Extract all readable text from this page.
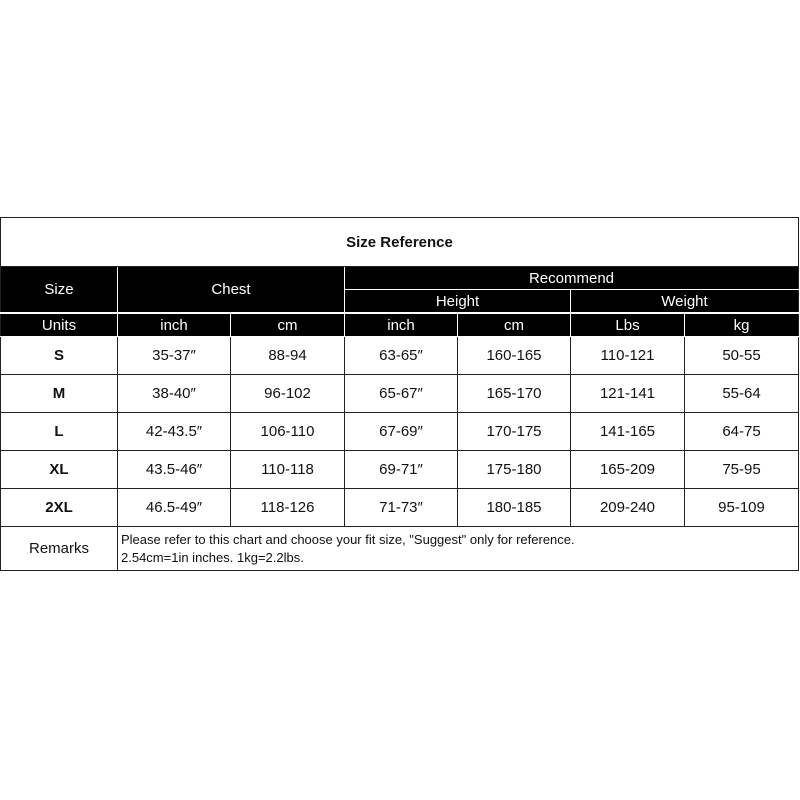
Size Reference						
Size	Chest		Recommend			
			Height		Weight	
Units	inch	cm	inch	cm	Lbs	kg
S	35-37″	88-94	63-65″	160-165	110-121	50-55
M	38-40″	96-102	65-67″	165-170	121-141	55-64
L	42-43.5″	106-110	67-69″	170-175	141-165	64-75
XL	43.5-46″	110-118	69-71″	175-180	165-209	75-95
2XL	46.5-49″	118-126	71-73″	180-185	209-240	95-109
Remarks	Please refer to this chart and choose your fit size, "Suggest" only for reference.
2.54cm=1in inches. 1kg=2.2lbs.					
